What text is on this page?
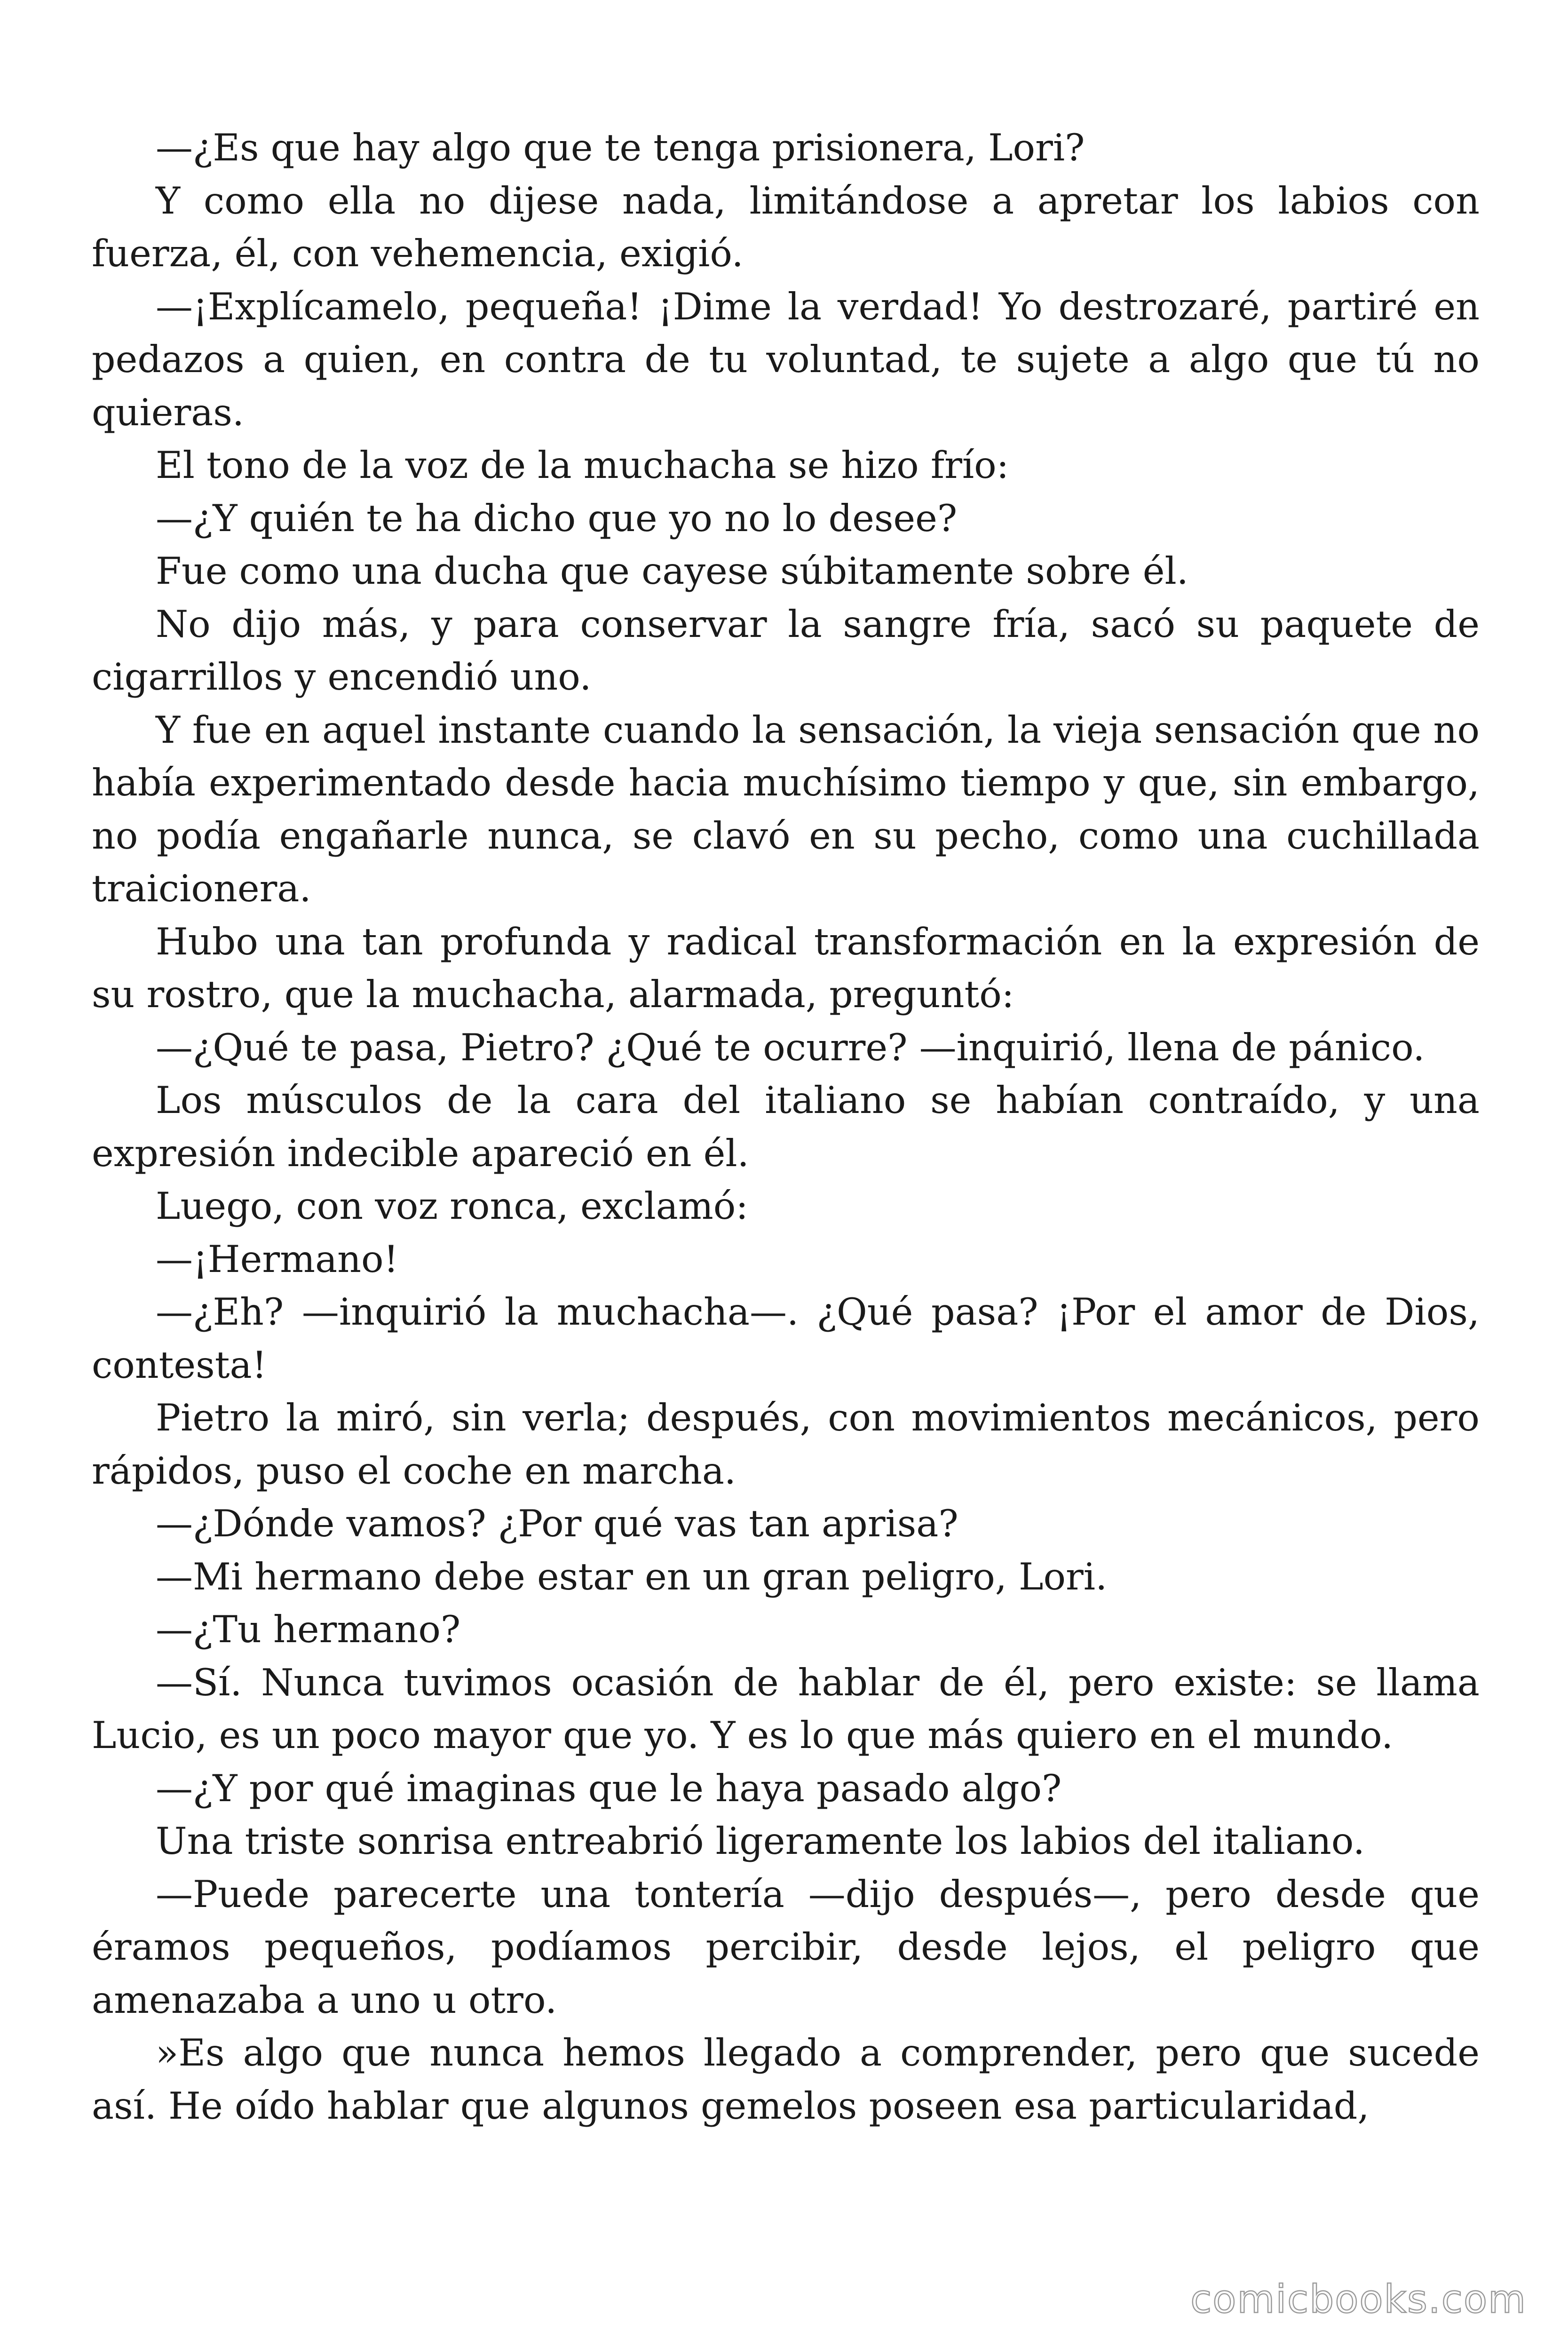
—¿Es que hay algo que te tenga prisionera, Lori?

Y como ella no dijese nada, limitándose a apretar los labios con fuerza, él, con vehemencia, exigió.

—¡Explícamelo, pequeña! ¡Dime la verdad! Yo destrozaré, partiré en pedazos a quien, en contra de tu voluntad, te sujete a algo que tú no quieras.

El tono de la voz de la muchacha se hizo frío:

—¿Y quién te ha dicho que yo no lo desee?

Fue como una ducha que cayese súbitamente sobre él.

No dijo más, y para conservar la sangre fría, sacó su paquete de cigarrillos y encendió uno.

Y fue en aquel instante cuando la sensación, la vieja sensación que no había experimentado desde hacia muchísimo tiempo y que, sin embargo, no podía engañarle nunca, se clavó en su pecho, como una cuchillada traicionera.

Hubo una tan profunda y radical transformación en la expresión de su rostro, que la muchacha, alarmada, preguntó:

—¿Qué te pasa, Pietro? ¿Qué te ocurre? —inquirió, llena de pánico.

Los músculos de la cara del italiano se habían contraído, y una expresión indecible apareció en él.

Luego, con voz ronca, exclamó:

—¡Hermano!

—¿Eh? —inquirió la muchacha—. ¿Qué pasa? ¡Por el amor de Dios, contesta!

Pietro la miró, sin verla; después, con movimientos mecánicos, pero rápidos, puso el coche en marcha.

—¿Dónde vamos? ¿Por qué vas tan aprisa?

—Mi hermano debe estar en un gran peligro, Lori.

—¿Tu hermano?

—Sí. Nunca tuvimos ocasión de hablar de él, pero existe: se llama Lucio, es un poco mayor que yo. Y es lo que más quiero en el mundo.

—¿Y por qué imaginas que le haya pasado algo?

Una triste sonrisa entreabrió ligeramente los labios del italiano.

—Puede parecerte una tontería —dijo después—, pero desde que éramos pequeños, podíamos percibir, desde lejos, el peligro que amenazaba a uno u otro.

»Es algo que nunca hemos llegado a comprender, pero que sucede así. He oído hablar que algunos gemelos poseen esa particularidad,

comicbooks.com
